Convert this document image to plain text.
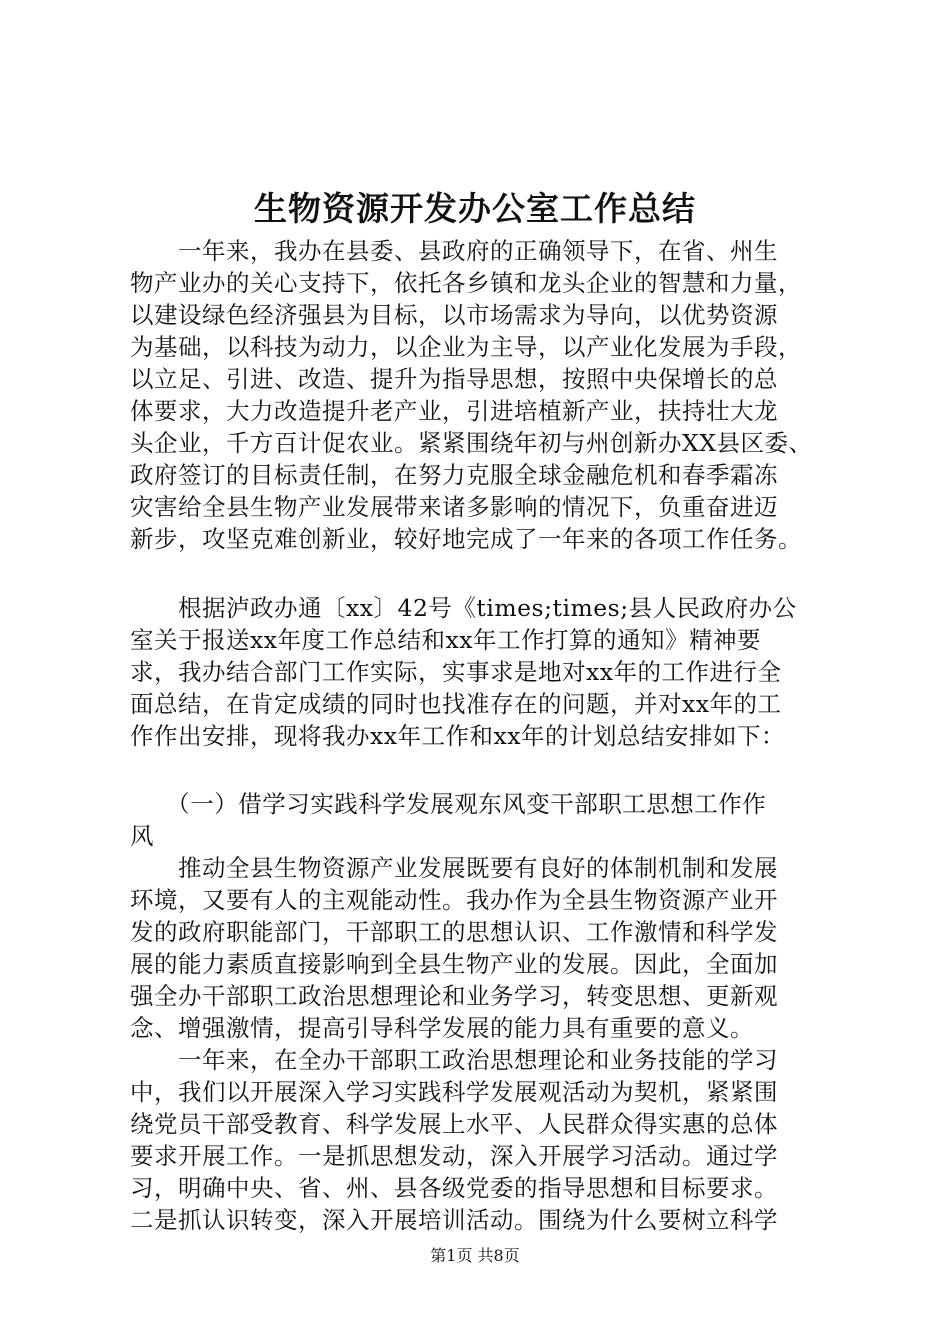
生物资源开发办公室工作总结
　　一年来，我办在县委、县政府的正确领导下，在省、州生
物产业办的关心支持下，依托各乡镇和龙头企业的智慧和力量，
以建设绿色经济强县为目标，以市场需求为导向，以优势资源
为基础，以科技为动力，以企业为主导，以产业化发展为手段，
以立足、引进、改造、提升为指导思想，按照中央保增长的总
体要求，大力改造提升老产业，引进培植新产业，扶持壮大龙
头企业，千方百计促农业。紧紧围绕年初与州创新办XX县区委、
政府签订的目标责任制，在努力克服全球金融危机和春季霜冻
灾害给全县生物产业发展带来诸多影响的情况下，负重奋进迈
新步，攻坚克难创新业，较好地完成了一年来的各项工作任务。
　　根据泸政办通〔xx〕42号《times;times;县人民政府办公
室关于报送xx年度工作总结和xx年工作打算的通知》精神要
求，我办结合部门工作实际，实事求是地对xx年的工作进行全
面总结，在肯定成绩的同时也找准存在的问题，并对xx年的工
作作出安排，现将我办xx年工作和xx年的计划总结安排如下：
　　（一）借学习实践科学发展观东风变干部职工思想工作作
风
　　推动全县生物资源产业发展既要有良好的体制机制和发展
环境，又要有人的主观能动性。我办作为全县生物资源产业开
发的政府职能部门，干部职工的思想认识、工作激情和科学发
展的能力素质直接影响到全县生物产业的发展。因此，全面加
强全办干部职工政治思想理论和业务学习，转变思想、更新观
念、增强激情，提高引导科学发展的能力具有重要的意义。
　　一年来，在全办干部职工政治思想理论和业务技能的学习
中，我们以开展深入学习实践科学发展观活动为契机，紧紧围
绕党员干部受教育、科学发展上水平、人民群众得实惠的总体
要求开展工作。一是抓思想发动，深入开展学习活动。通过学
习，明确中央、省、州、县各级党委的指导思想和目标要求。
二是抓认识转变，深入开展培训活动。围绕为什么要树立科学
第1页 共8页
